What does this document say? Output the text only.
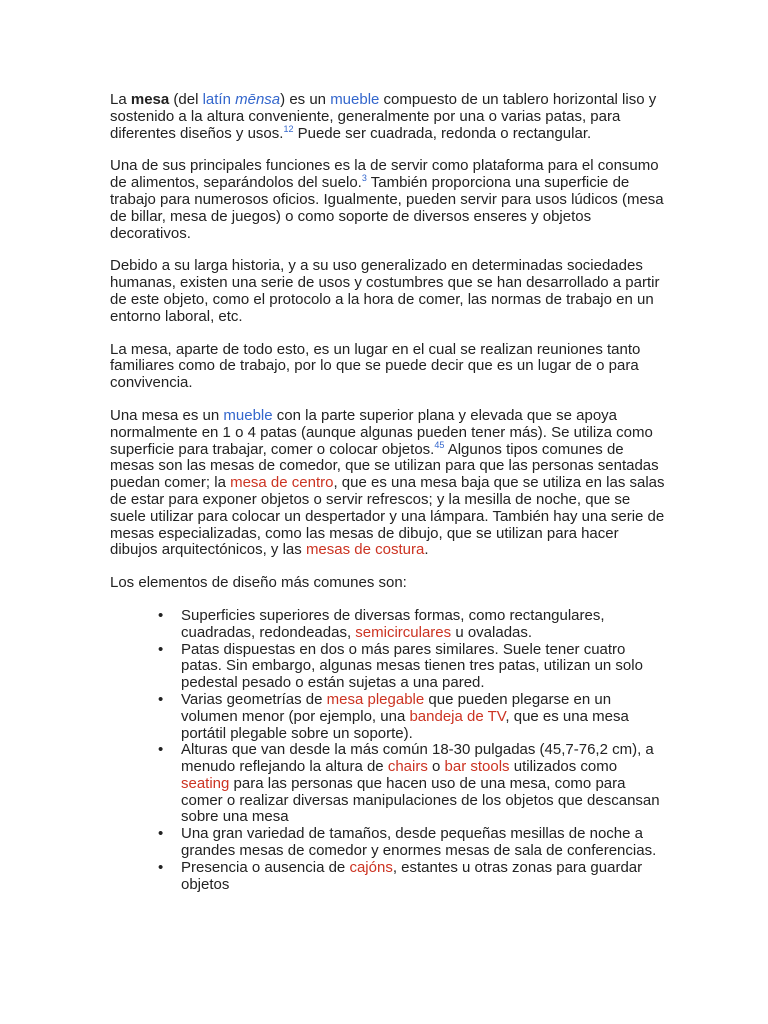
La mesa (del latín mēnsa) es un mueble compuesto de un tablero horizontal liso y sostenido a la altura conveniente, generalmente por una o varias patas, para diferentes diseños y usos.$^{12}$ Puede ser cuadrada, redonda o rectangular.

Una de sus principales funciones es la de servir como plataforma para el consumo de alimentos, separándolos del suelo.$^3$ También proporciona una superficie de trabajo para numerosos oficios. Igualmente, pueden servir para usos lúdicos (mesa de billar, mesa de juegos) o como soporte de diversos enseres y objetos decorativos.

Debido a su larga historia, y a su uso generalizado en determinadas sociedades humanas, existen una serie de usos y costumbres que se han desarrollado a partir de este objeto, como el protocolo a la hora de comer, las normas de trabajo en un entorno laboral, etc.

La mesa, aparte de todo esto, es un lugar en el cual se realizan reuniones tanto familiares como de trabajo, por lo que se puede decir que es un lugar de o para convivencia.

Una mesa es un mueble con la parte superior plana y elevada que se apoya normalmente en 1 o 4 patas (aunque algunas pueden tener más). Se utiliza como superficie para trabajar, comer o colocar objetos.$^{45}$ Algunos tipos comunes de mesas son las mesas de comedor, que se utilizan para que las personas sentadas puedan comer; la mesa de centro, que es una mesa baja que se utiliza en las salas de estar para exponer objetos o servir refrescos; y la mesilla de noche, que se suele utilizar para colocar un despertador y una lámpara. También hay una serie de mesas especializadas, como las mesas de dibujo, que se utilizan para hacer dibujos arquitectónicos, y las mesas de costura.

Los elementos de diseño más comunes son:

• Superficies superiores de diversas formas, como rectangulares, cuadradas, redondeadas, semicirculares u ovaladas.
• Patas dispuestas en dos o más pares similares. Suele tener cuatro patas. Sin embargo, algunas mesas tienen tres patas, utilizan un solo pedestal pesado o están sujetas a una pared.
• Varias geometrías de mesa plegable que pueden plegarse en un volumen menor (por ejemplo, una bandeja de TV, que es una mesa portátil plegable sobre un soporte).
• Alturas que van desde la más común 18-30 pulgadas (45,7-76,2 cm), a menudo reflejando la altura de chairs o bar stools utilizados como seating para las personas que hacen uso de una mesa, como para comer o realizar diversas manipulaciones de los objetos que descansan sobre una mesa
• Una gran variedad de tamaños, desde pequeñas mesillas de noche a grandes mesas de comedor y enormes mesas de sala de conferencias.
• Presencia o ausencia de cajóns, estantes u otras zonas para guardar objetos
